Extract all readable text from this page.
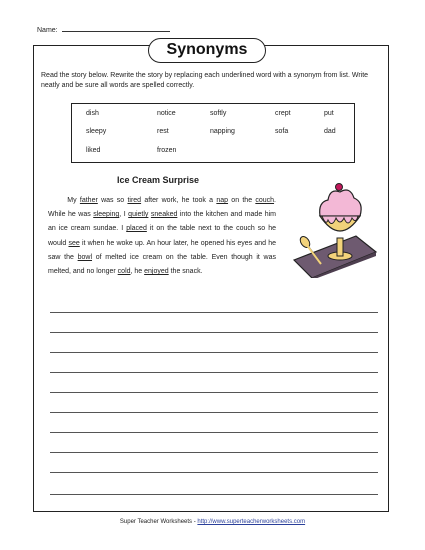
Name:
Synonyms
Read the story below. Rewrite the story by replacing each underlined word with a synonym from list. Write neatly and be sure all words are spelled correctly.
dish	notice	softly	crept	put
sleepy	rest	napping	sofa	dad
liked	frozen
Ice Cream Surprise
My father was so tired after work, he took a nap on the couch. While he was sleeping, I quietly sneaked into the kitchen and made him an ice cream sundae. I placed it on the table next to the couch so he would see it when he woke up. An hour later, he opened his eyes and he saw the bowl of melted ice cream on the table. Even though it was melted, and no longer cold, he enjoyed the snack.
Super Teacher Worksheets - http://www.superteacherworksheets.com
